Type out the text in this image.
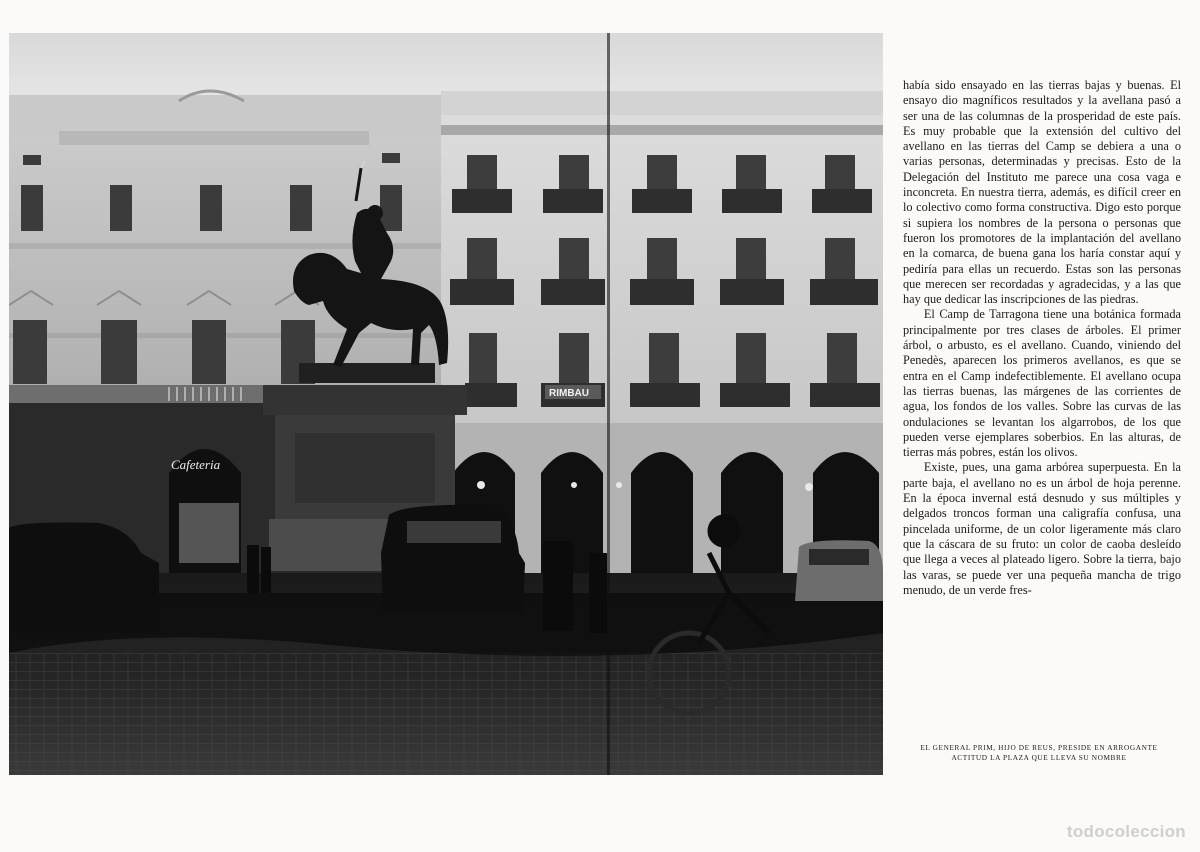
Cafeteria
RIMBAU

había sido ensayado en las tierras bajas y buenas. El ensayo dio magníficos resultados y la avellana pasó a ser una de las columnas de la prosperidad de este país. Es muy probable que la extensión del cultivo del avellano en las tierras del Camp se debiera a una o varias personas, determinadas y precisas. Esto de la Delegación del Instituto me parece una cosa vaga e inconcreta. En nuestra tierra, además, es difícil creer en lo colectivo como forma constructiva. Digo esto porque si supiera los nombres de la persona o personas que fueron los promotores de la implantación del avellano en la comarca, de buena gana los haría constar aquí y pediría para ellas un recuerdo. Estas son las personas que merecen ser recordadas y agradecidas, y a las que hay que dedicar las inscripciones de las piedras.

El Camp de Tarragona tiene una botánica formada principalmente por tres clases de árboles. El primer árbol, o arbusto, es el avellano. Cuando, viniendo del Penedès, aparecen los primeros avellanos, es que se entra en el Camp indefectiblemente. El avellano ocupa las tierras buenas, las márgenes de las corrientes de agua, los fondos de los valles. Sobre las curvas de las ondulaciones se levantan los algarrobos, de los que pueden verse ejemplares soberbios. En las alturas, de tierras más pobres, están los olivos.

Existe, pues, una gama arbórea superpuesta. En la parte baja, el avellano no es un árbol de hoja perenne. En la época invernal está desnudo y sus múltiples y delgados troncos forman una caligrafía confusa, una pincelada uniforme, de un color ligeramente más claro que la cáscara de su fruto: un color de caoba desleído que llega a veces al plateado ligero. Sobre la tierra, bajo las varas, se puede ver una pequeña mancha de trigo menudo, de un verde fres-

EL GENERAL PRIM, HIJO DE REUS, PRESIDE EN ARROGANTE
ACTITUD LA PLAZA QUE LLEVA SU NOMBRE
todocoleccion
